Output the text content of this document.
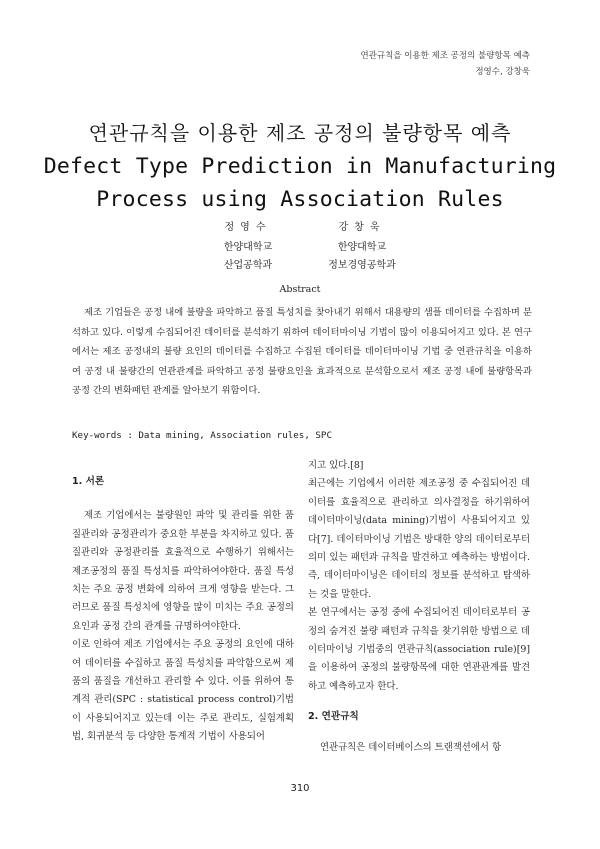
연관규칙을 이용한 제조 공정의 불량항목 예측
정영수, 강창욱
연관규칙을 이용한 제조 공정의 불량항목 예측
Defect Type Prediction in Manufacturing
Process using Association Rules
정영수
한양대학교
산업공학과
강창욱
한양대학교
정보경영공학과
Abstract

제조 기업들은 공정 내에 불량을 파악하고 품질 특성치를 찾아내기 위해서 대용량의 샘플 데이터를 수집하며 분석하고 있다. 이렇게 수집되어진 데이터를 분석하기 위하여 데이터마이닝 기법이 많이 이용되어지고 있다. 본 연구에서는 제조 공정내의 불량 요인의 데이터를 수집하고 수집된 데이터를 데이터마이닝 기법 중 연관규칙을 이용하여 공정 내 불량간의 연관관계를 파악하고 공정 불량요인을 효과적으로 분석함으로서 제조 공정 내에 불량항목과 공정 간의 변화패턴 관계를 알아보기 위함이다.

Key-words : Data mining, Association rules, SPC
1. 서론

제조 기업에서는 불량원인 파악 및 관리를 위한 품질관리와 공정관리가 중요한 부분을 차지하고 있다. 품질관리와 공정관리를 효율적으로 수행하기 위해서는 제조공정의 품질 특성치를 파악하여야한다. 품질 특성치는 주요 공정 변화에 의하여 크게 영향을 받는다. 그러므로 품질 특성치에 영향을 많이 미치는 주요 공정의 요인과 공정 간의 관계를 규명하여야한다.

이로 인하여 제조 기업에서는 주요 공정의 요인에 대하여 데이터를 수집하고 품질 특성치를 파악함으로써 제품의 품질을 개선하고 관리할 수 있다. 이를 위하여 통계적 관리(SPC : statistical process control)기법이 사용되어지고 있는데 이는 주로 관리도, 실험계획법, 회귀분석 등 다양한 통계적 기법이 사용되어

지고 있다.[8]

최근에는 기업에서 이러한 제조공정 중 수집되어진 데이터를 효율적으로 관리하고 의사결정을 하기위하여 데이터마이닝(data mining)기법이 사용되어지고 있다[7]. 데이터마이닝 기법은 방대한 양의 데이터로부터 의미 있는 패턴과 규칙을 발견하고 예측하는 방법이다. 즉, 데이터마이닝은 데이터의 정보를 분석하고 탐색하는 것을 말한다.

본 연구에서는 공정 중에 수집되어진 데이터로부터 공정의 숨겨진 불량 패턴과 규칙을 찾기위한 방법으로 데이터마이닝 기법중의 연관규칙(association rule)[9]을 이용하여 공정의 불량항목에 대한 연관관계를 발견하고 예측하고자 한다.

2. 연관규칙

연관규칙은 데이터베이스의 트랜잭션에서 항

310
